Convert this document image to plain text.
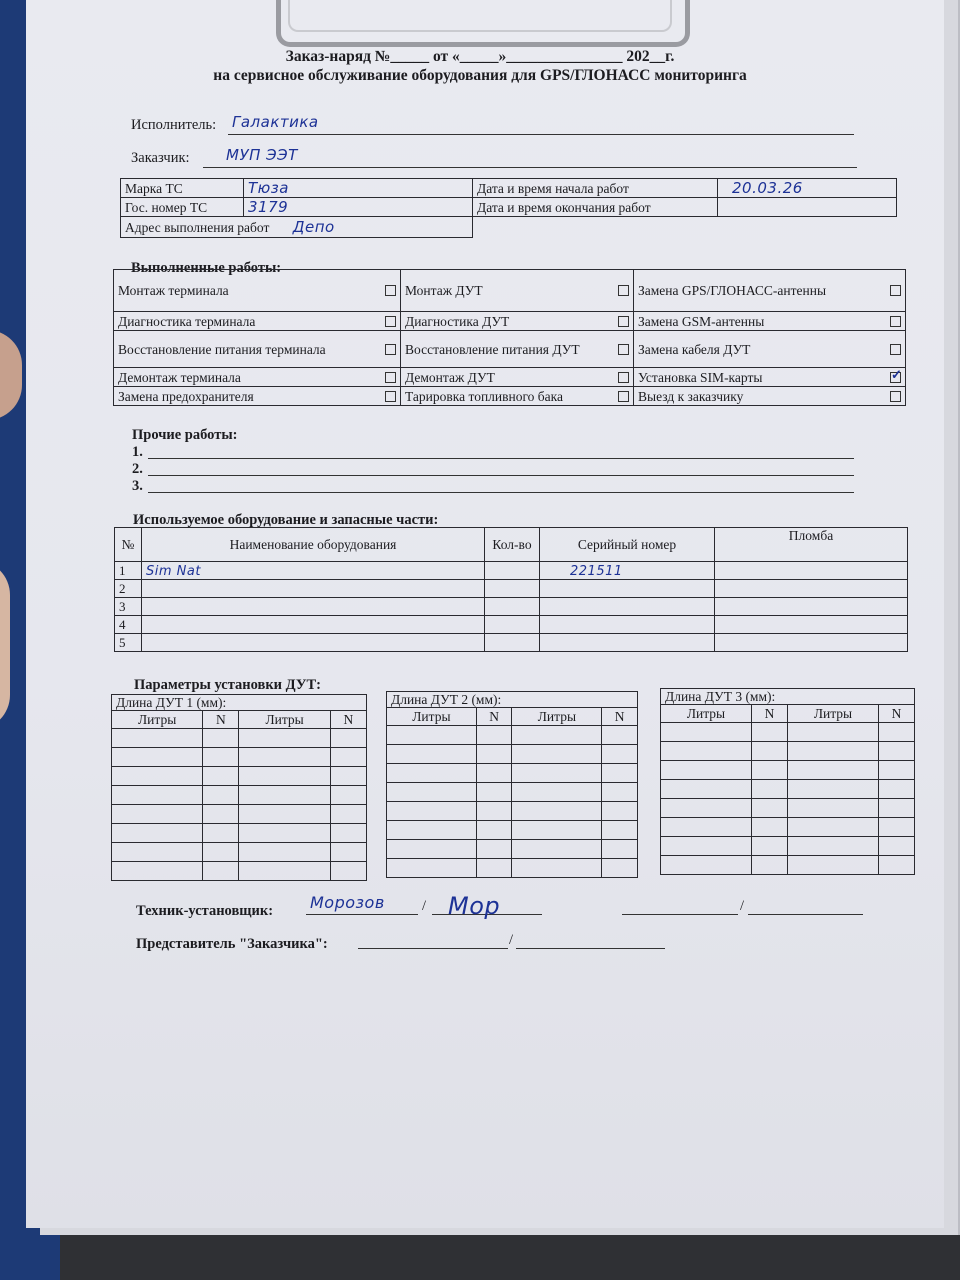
Заказ-наряд №_____ от «_____»_______________ 202__г.
на сервисное обслуживание оборудования для GPS/ГЛОНАСС мониторинга
Исполнитель: Галактика
Заказчик: МУП ЭЭТ
Марка ТС	Тюза	Дата и время начала работ	20.03.26
Гос. номер ТС	3179	Дата и время окончания работ	
Адрес выполнения работ Депо			
Выполненные работы:
Монтаж терминала	Монтаж ДУТ	Замена GPS/ГЛОНАСС-антенны

Диагностика терминала	Диагностика ДУТ	Замена GSM-антенны

Восстановление питания терминала	Восстановление питания ДУТ	Замена кабеля ДУТ

Демонтаж терминала	Демонтаж ДУТ	Установка SIM-карты
✓

Замена предохранителя	Тарировка топливного бака	Выезд к заказчику
Прочие работы:
1.
2.
3.
Используемое оборудование и запасные части:
№	Наименование оборудования	Кол-во	Серийный номер	Пломба
1	Sim Nat		221511	
2				
3				
4				
5				
Параметры установки ДУТ:
Длина ДУТ 1 (мм):			
Литры	N	Литры	N

Длина ДУТ 2 (мм):			
Литры	N	Литры	N

Длина ДУТ 3 (мм):			
Литры	N	Литры	N

Техник-установщик: Морозов	/ Мор	/
Представитель "Заказчика":	/
